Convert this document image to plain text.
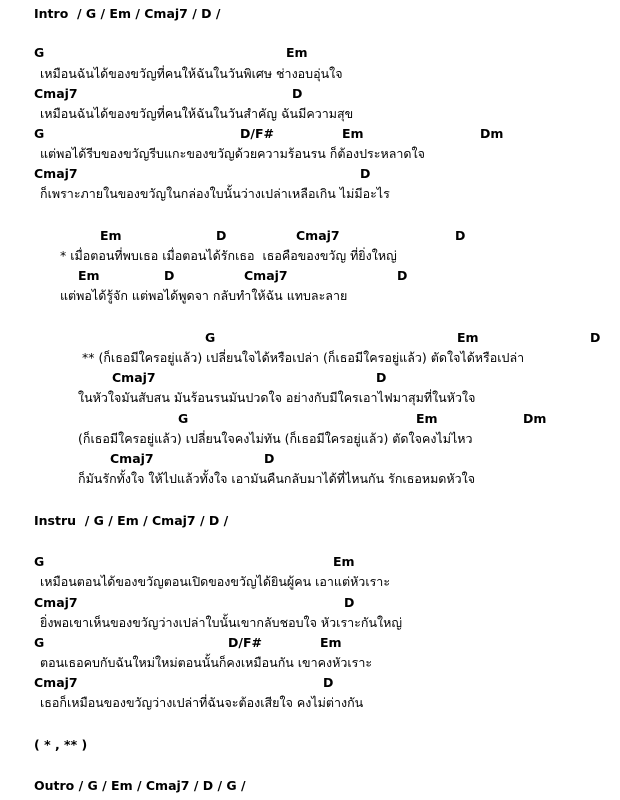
Intro  / G / Em / Cmaj7 / D /
G	Em
เหมือนฉันได้ของขวัญที่คนให้ฉันในวันพิเศษ ช่างอบอุ่นใจ
Cmaj7	D
เหมือนฉันได้ของขวัญที่คนให้ฉันในวันสำคัญ ฉันมีความสุข
G	D/F#	Em	Dm
แต่พอได้รีบของขวัญรีบแกะของขวัญด้วยความร้อนรน ก็ต้องประหลาดใจ
Cmaj7	D
ก็เพราะภายในของขวัญในกล่องใบนั้นว่างเปล่าเหลือเกิน ไม่มีอะไร
Em	D	Cmaj7	D
* เมื่อตอนที่พบเธอ เมื่อตอนได้รักเธอ  เธอคือของขวัญ ที่ยิ่งใหญ่
Em	D	Cmaj7	D
แต่พอได้รู้จัก แต่พอได้พูดจา กลับทำให้ฉัน แทบละลาย
G	Em	D
** (ก็เธอมีใครอยู่แล้ว) เปลี่ยนใจได้หรือเปล่า (ก็เธอมีใครอยู่แล้ว) ตัดใจได้หรือเปล่า
Cmaj7	D
ในหัวใจมันสับสน มันร้อนรนมันปวดใจ อย่างกับมีใครเอาไฟมาสุมที่ในหัวใจ
G	Em	Dm
(ก็เธอมีใครอยู่แล้ว) เปลี่ยนใจคงไม่ทัน (ก็เธอมีใครอยู่แล้ว) ตัดใจคงไม่ไหว
Cmaj7	D
ก็มันรักทั้งใจ ให้ไปแล้วทั้งใจ เอามันคืนกลับมาได้ที่ไหนกัน รักเธอหมดหัวใจ
Instru  / G / Em / Cmaj7 / D /
G	Em
เหมือนตอนได้ของขวัญตอนเปิดของขวัญได้ยินผู้คน เอาแต่หัวเราะ
Cmaj7	D
ยิ่งพอเขาเห็นของขวัญว่างเปล่าใบนั้นเขากลับชอบใจ หัวเราะกันใหญ่
G	D/F#	Em
ตอนเธอคบกับฉันใหม่ใหม่ตอนนั้นก็คงเหมือนกัน เขาคงหัวเราะ
Cmaj7	D
เธอก็เหมือนของขวัญว่างเปล่าที่ฉันจะต้องเสียใจ คงไม่ต่างกัน
( * , ** )
Outro / G / Em / Cmaj7 / D / G /
